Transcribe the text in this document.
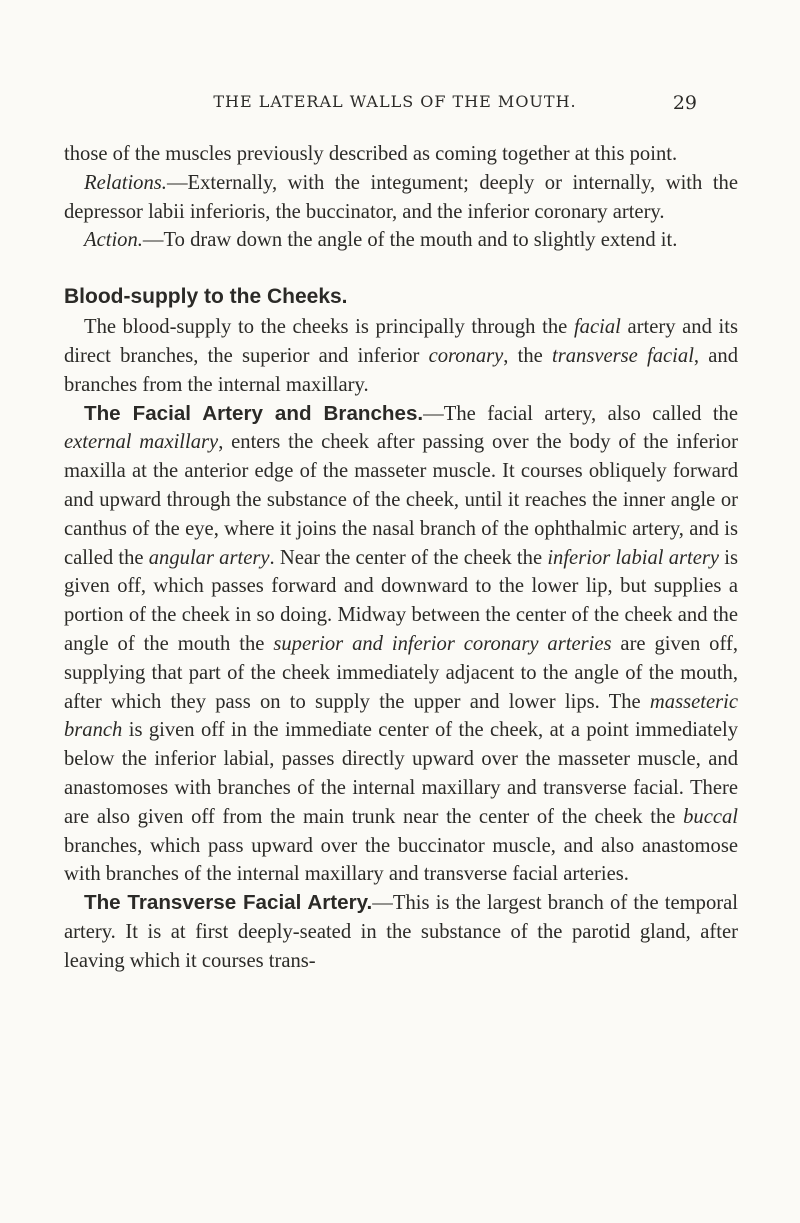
THE LATERAL WALLS OF THE MOUTH.	29

those of the muscles previously described as coming together at this point.

Relations.—Externally, with the integument; deeply or internally, with the depressor labii inferioris, the buccinator, and the inferior coronary artery.

Action.—To draw down the angle of the mouth and to slightly extend it.

Blood-supply to the Cheeks.

The blood-supply to the cheeks is principally through the facial artery and its direct branches, the superior and inferior coronary, the transverse facial, and branches from the internal maxillary.

The Facial Artery and Branches.—The facial artery, also called the external maxillary, enters the cheek after passing over the body of the inferior maxilla at the anterior edge of the masseter muscle. It courses obliquely forward and upward through the substance of the cheek, until it reaches the inner angle or canthus of the eye, where it joins the nasal branch of the ophthalmic artery, and is called the angular artery. Near the center of the cheek the inferior labial artery is given off, which passes forward and downward to the lower lip, but supplies a portion of the cheek in so doing. Midway between the center of the cheek and the angle of the mouth the superior and inferior coronary arteries are given off, supplying that part of the cheek immediately adjacent to the angle of the mouth, after which they pass on to supply the upper and lower lips. The masseteric branch is given off in the immediate center of the cheek, at a point immediately below the inferior labial, passes directly upward over the masseter muscle, and anastomoses with branches of the internal maxillary and transverse facial. There are also given off from the main trunk near the center of the cheek the buccal branches, which pass upward over the buccinator muscle, and also anastomose with branches of the internal maxillary and transverse facial arteries.

The Transverse Facial Artery.—This is the largest branch of the temporal artery. It is at first deeply-seated in the substance of the parotid gland, after leaving which it courses trans-
